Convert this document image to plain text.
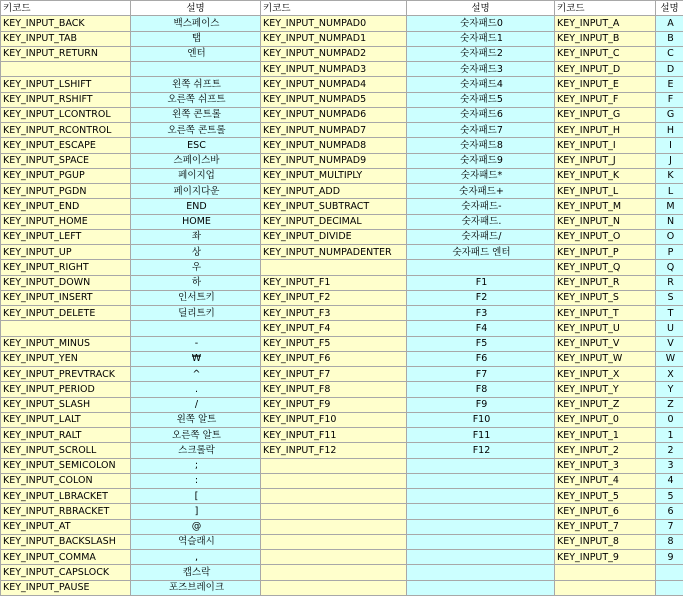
키코드	설명	키코드	설명	키코드	설명
KEY_INPUT_BACK	백스페이스	KEY_INPUT_NUMPAD0	숫자패드0	KEY_INPUT_A	A
KEY_INPUT_TAB	탭	KEY_INPUT_NUMPAD1	숫자패드1	KEY_INPUT_B	B
KEY_INPUT_RETURN	엔터	KEY_INPUT_NUMPAD2	숫자패드2	KEY_INPUT_C	C
		KEY_INPUT_NUMPAD3	숫자패드3	KEY_INPUT_D	D
KEY_INPUT_LSHIFT	왼쪽 쉬프트	KEY_INPUT_NUMPAD4	숫자패드4	KEY_INPUT_E	E
KEY_INPUT_RSHIFT	오른쪽 쉬프트	KEY_INPUT_NUMPAD5	숫자패드5	KEY_INPUT_F	F
KEY_INPUT_LCONTROL	왼쪽 콘트롤	KEY_INPUT_NUMPAD6	숫자패드6	KEY_INPUT_G	G
KEY_INPUT_RCONTROL	오른쪽 콘트롤	KEY_INPUT_NUMPAD7	숫자패드7	KEY_INPUT_H	H
KEY_INPUT_ESCAPE	ESC	KEY_INPUT_NUMPAD8	숫자패드8	KEY_INPUT_I	I
KEY_INPUT_SPACE	스페이스바	KEY_INPUT_NUMPAD9	숫자패드9	KEY_INPUT_J	J
KEY_INPUT_PGUP	페이지업	KEY_INPUT_MULTIPLY	숫자패드*	KEY_INPUT_K	K
KEY_INPUT_PGDN	페이지다운	KEY_INPUT_ADD	숫자패드+	KEY_INPUT_L	L
KEY_INPUT_END	END	KEY_INPUT_SUBTRACT	숫자패드-	KEY_INPUT_M	M
KEY_INPUT_HOME	HOME	KEY_INPUT_DECIMAL	숫자패드.	KEY_INPUT_N	N
KEY_INPUT_LEFT	좌	KEY_INPUT_DIVIDE	숫자패드/	KEY_INPUT_O	O
KEY_INPUT_UP	상	KEY_INPUT_NUMPADENTER	숫자패드 엔터	KEY_INPUT_P	P
KEY_INPUT_RIGHT	우			KEY_INPUT_Q	Q
KEY_INPUT_DOWN	하	KEY_INPUT_F1	F1	KEY_INPUT_R	R
KEY_INPUT_INSERT	인서트키	KEY_INPUT_F2	F2	KEY_INPUT_S	S
KEY_INPUT_DELETE	딜리트키	KEY_INPUT_F3	F3	KEY_INPUT_T	T
		KEY_INPUT_F4	F4	KEY_INPUT_U	U
KEY_INPUT_MINUS	-	KEY_INPUT_F5	F5	KEY_INPUT_V	V
KEY_INPUT_YEN	₩	KEY_INPUT_F6	F6	KEY_INPUT_W	W
KEY_INPUT_PREVTRACK	^	KEY_INPUT_F7	F7	KEY_INPUT_X	X
KEY_INPUT_PERIOD	.	KEY_INPUT_F8	F8	KEY_INPUT_Y	Y
KEY_INPUT_SLASH	/	KEY_INPUT_F9	F9	KEY_INPUT_Z	Z
KEY_INPUT_LALT	왼쪽 알트	KEY_INPUT_F10	F10	KEY_INPUT_0	0
KEY_INPUT_RALT	오른쪽 알트	KEY_INPUT_F11	F11	KEY_INPUT_1	1
KEY_INPUT_SCROLL	스크롤락	KEY_INPUT_F12	F12	KEY_INPUT_2	2
KEY_INPUT_SEMICOLON	;			KEY_INPUT_3	3
KEY_INPUT_COLON	:			KEY_INPUT_4	4
KEY_INPUT_LBRACKET	[			KEY_INPUT_5	5
KEY_INPUT_RBRACKET	]			KEY_INPUT_6	6
KEY_INPUT_AT	@			KEY_INPUT_7	7
KEY_INPUT_BACKSLASH	역슬래시			KEY_INPUT_8	8
KEY_INPUT_COMMA	,			KEY_INPUT_9	9
KEY_INPUT_CAPSLOCK	캡스락				
KEY_INPUT_PAUSE	포즈브레이크				
